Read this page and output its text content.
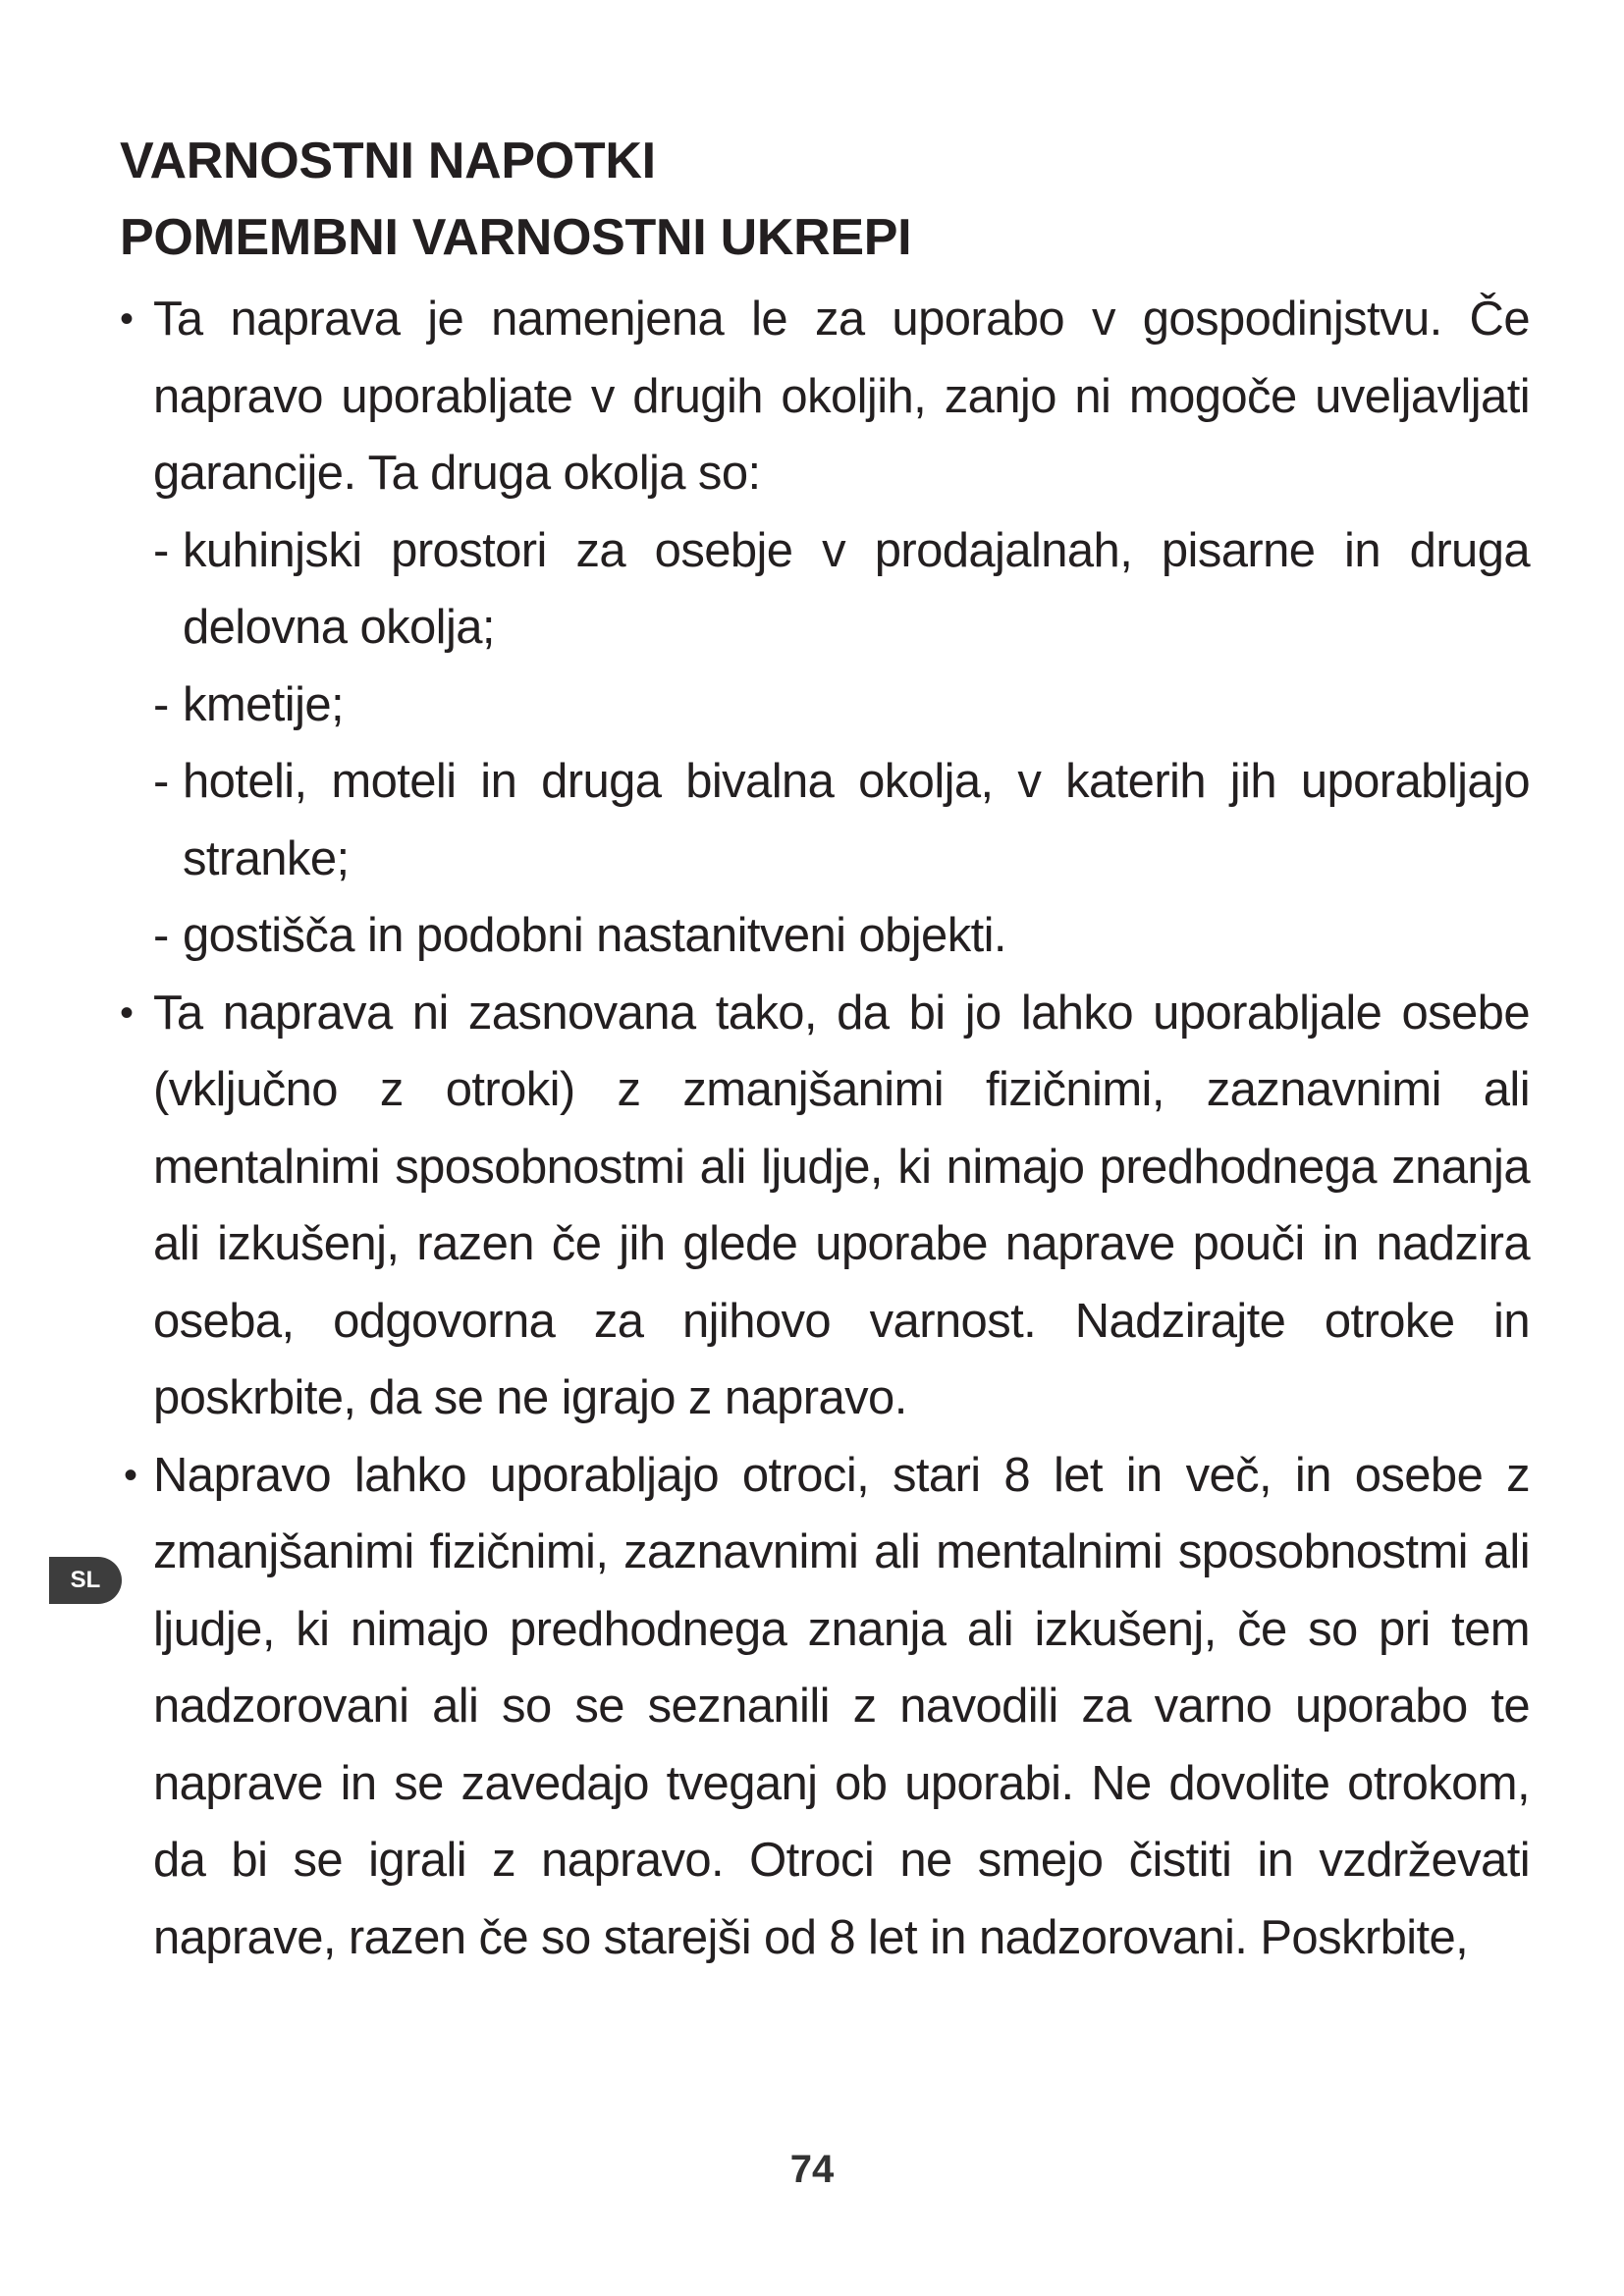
VARNOSTNI NAPOTKI
POMEMBNI VARNOSTNI UKREPI
• Ta naprava je namenjena le za uporabo v gospodinjstvu. Če napravo uporabljate v drugih okoljih, zanjo ni mogoče uveljavljati garancije. Ta druga okolja so:
- kuhinjski prostori za osebje v prodajalnah, pisarne in druga delovna okolja;
- kmetije;
- hoteli, moteli in druga bivalna okolja, v katerih jih uporabljajo stranke;
- gostišča in podobni nastanitveni objekti.
• Ta naprava ni zasnovana tako, da bi jo lahko uporabljale osebe (vključno z otroki) z zmanjšanimi fizičnimi, zaznavnimi ali mentalnimi sposobnostmi ali ljudje, ki nimajo predhodnega znanja ali izkušenj, razen če jih glede uporabe naprave pouči in nadzira oseba, odgovorna za njihovo varnost. Nadzirajte otroke in poskrbite, da se ne igrajo z napravo.
• Napravo lahko uporabljajo otroci, stari 8 let in več, in osebe z zmanjšanimi fizičnimi, zaznavnimi ali mentalnimi sposobnostmi ali ljudje, ki nimajo predhodnega znanja ali izkušenj, če so pri tem nadzorovani ali so se seznanili z navodili za varno uporabo te naprave in se zavedajo tveganj ob uporabi. Ne dovolite otrokom, da bi se igrali z napravo. Otroci ne smejo čistiti in vzdrževati naprave, razen če so starejši od 8 let in nadzorovani. Poskrbite,
SL
74
